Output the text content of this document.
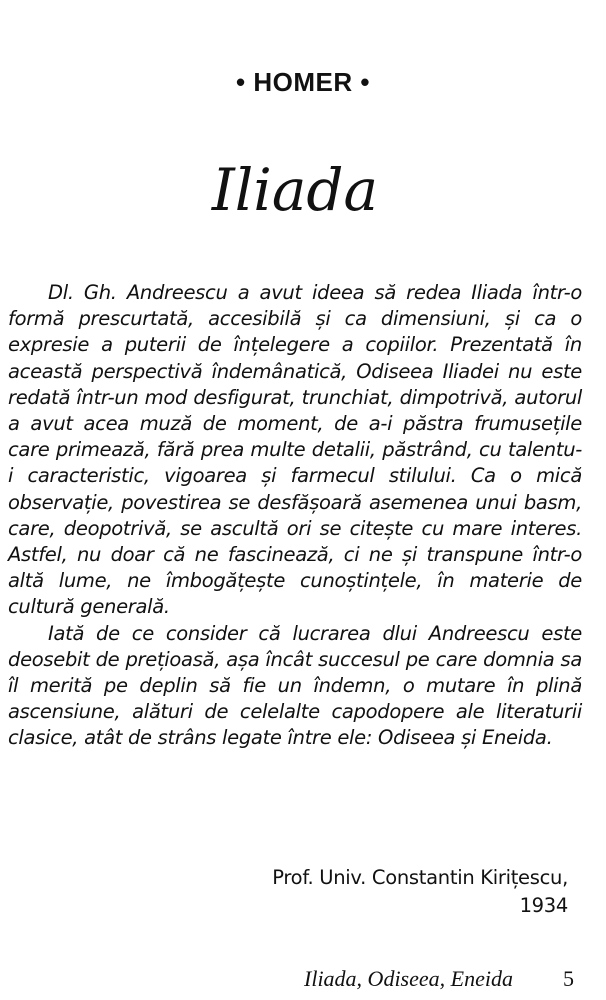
• HOMER •
Iliada

Dl. Gh. Andreescu a avut ideea să redea Iliada într-o formă prescurtată, accesibilă și ca dimensiuni, și ca o expresie a puterii de înțelegere a copiilor. Prezentată în această perspectivă îndemânatică, Odiseea Iliadei nu este redată într-un mod desfigurat, trunchiat, dimpotrivă, autorul a avut acea muză de moment, de a-i păstra frumusețile care primează, fără prea multe detalii, păstrând, cu talentu-i caracteristic, vigoarea și farmecul stilului. Ca o mică observație, povestirea se desfășoară asemenea unui basm, care, deopotrivă, se ascultă ori se citește cu mare interes. Astfel, nu doar că ne fascinează, ci ne și transpune într-o altă lume, ne îmbogățește cunoștințele, în materie de cultură generală.

Iată de ce consider că lucrarea dlui Andreescu este deosebit de prețioasă, așa încât succesul pe care domnia sa îl merită pe deplin să fie un îndemn, o mutare în plină ascensiune, alături de celelalte capodopere ale literaturii clasice, atât de strâns legate între ele: Odiseea și Eneida.

Prof. Univ. Constantin Kirițescu,
1934
Iliada, Odiseea, Eneida 5
